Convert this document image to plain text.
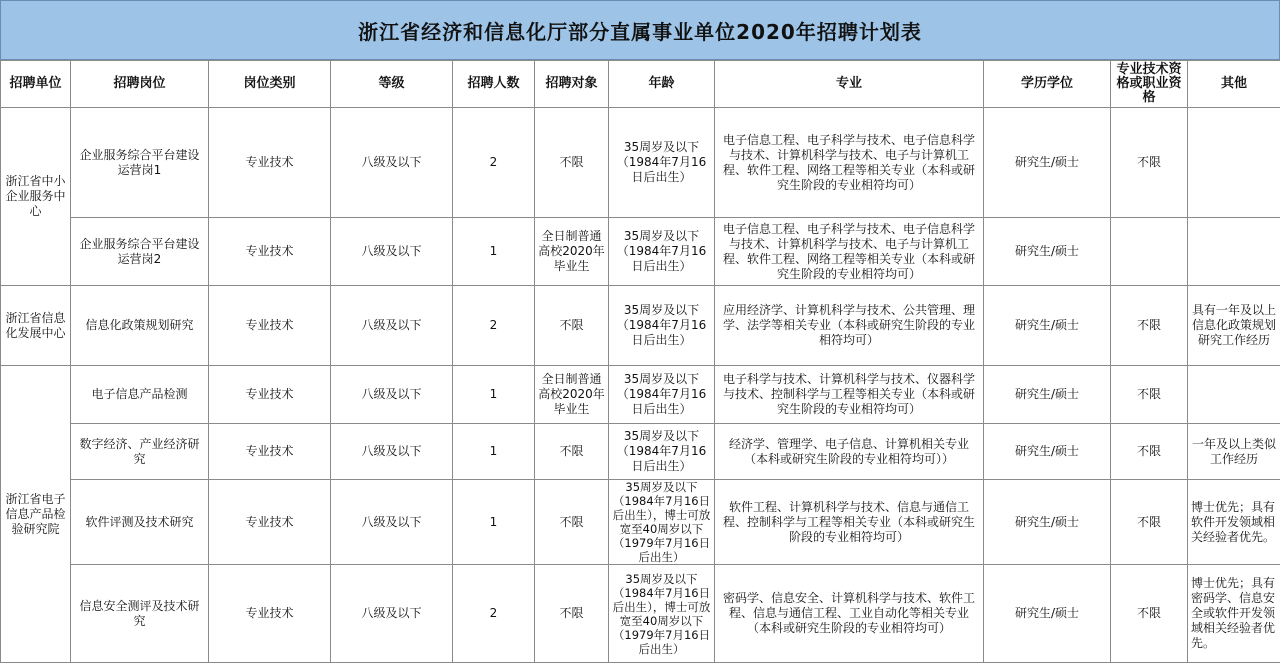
浙江省经济和信息化厅部分直属事业单位2020年招聘计划表
招聘单位	招聘岗位	岗位类别	等级	招聘人数	招聘对象	年龄	专业	学历学位	专业技术资格或职业资格	其他
浙江省中小企业服务中心	企业服务综合平台建设运营岗1	专业技术	八级及以下	2	不限	35周岁及以下（1984年7月16日后出生）	电子信息工程、电子科学与技术、电子信息科学与技术、计算机科学与技术、电子与计算机工程、软件工程、网络工程等相关专业（本科或研究生阶段的专业相符均可）	研究生/硕士	不限	
	企业服务综合平台建设运营岗2	专业技术	八级及以下	1	全日制普通高校2020年毕业生	35周岁及以下（1984年7月16日后出生）	电子信息工程、电子科学与技术、电子信息科学与技术、计算机科学与技术、电子与计算机工程、软件工程、网络工程等相关专业（本科或研究生阶段的专业相符均可）	研究生/硕士		
浙江省信息化发展中心	信息化政策规划研究	专业技术	八级及以下	2	不限	35周岁及以下（1984年7月16日后出生）	应用经济学、计算机科学与技术、公共管理、理学、法学等相关专业（本科或研究生阶段的专业相符均可）	研究生/硕士	不限	具有一年及以上信息化政策规划研究工作经历
浙江省电子信息产品检验研究院	电子信息产品检测	专业技术	八级及以下	1	全日制普通高校2020年毕业生	35周岁及以下（1984年7月16日后出生）	电子科学与技术、计算机科学与技术、仪器科学与技术、控制科学与工程等相关专业（本科或研究生阶段的专业相符均可）	研究生/硕士	不限	
	数字经济、产业经济研究	专业技术	八级及以下	1	不限	35周岁及以下（1984年7月16日后出生）	经济学、管理学、电子信息、计算机相关专业（本科或研究生阶段的专业相符均可））	研究生/硕士	不限	一年及以上类似工作经历
	软件评测及技术研究	专业技术	八级及以下	1	不限	35周岁及以下（1984年7月16日后出生），博士可放宽至40周岁以下（1979年7月16日后出生）	软件工程、计算机科学与技术、信息与通信工程、控制科学与工程等相关专业（本科或研究生阶段的专业相符均可）	研究生/硕士	不限	博士优先；具有软件开发领域相关经验者优先。
	信息安全测评及技术研究	专业技术	八级及以下	2	不限	35周岁及以下（1984年7月16日后出生），博士可放宽至40周岁以下（1979年7月16日后出生）	密码学、信息安全、计算机科学与技术、软件工程、信息与通信工程、工业自动化等相关专业（本科或研究生阶段的专业相符均可）	研究生/硕士	不限	博士优先；具有密码学、信息安全或软件开发领域相关经验者优先。
